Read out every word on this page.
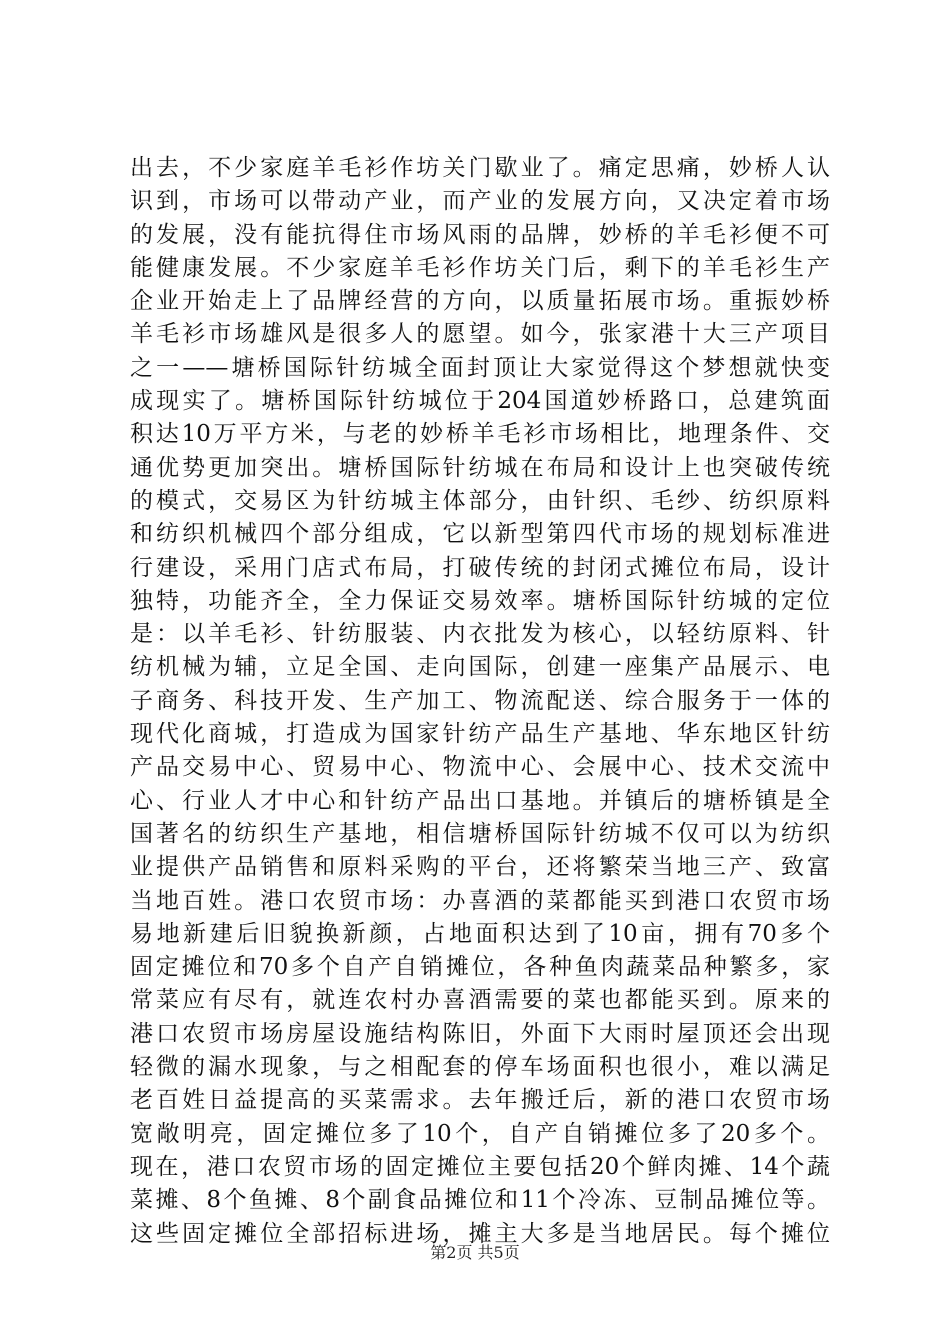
出去，不少家庭羊毛衫作坊关门歇业了。痛定思痛，妙桥人认
识到，市场可以带动产业，而产业的发展方向，又决定着市场
的发展，没有能抗得住市场风雨的品牌，妙桥的羊毛衫便不可
能健康发展。不少家庭羊毛衫作坊关门后，剩下的羊毛衫生产
企业开始走上了品牌经营的方向，以质量拓展市场。重振妙桥
羊毛衫市场雄风是很多人的愿望。如今，张家港十大三产项目
之一——塘桥国际针纺城全面封顶让大家觉得这个梦想就快变
成现实了。塘桥国际针纺城位于204国道妙桥路口，总建筑面
积达10万平方米，与老的妙桥羊毛衫市场相比，地理条件、交
通优势更加突出。塘桥国际针纺城在布局和设计上也突破传统
的模式，交易区为针纺城主体部分，由针织、毛纱、纺织原料
和纺织机械四个部分组成，它以新型第四代市场的规划标准进
行建设，采用门店式布局，打破传统的封闭式摊位布局，设计
独特，功能齐全，全力保证交易效率。塘桥国际针纺城的定位
是：以羊毛衫、针纺服装、内衣批发为核心，以轻纺原料、针
纺机械为辅，立足全国、走向国际，创建一座集产品展示、电
子商务、科技开发、生产加工、物流配送、综合服务于一体的
现代化商城，打造成为国家针纺产品生产基地、华东地区针纺
产品交易中心、贸易中心、物流中心、会展中心、技术交流中
心、行业人才中心和针纺产品出口基地。并镇后的塘桥镇是全
国著名的纺织生产基地，相信塘桥国际针纺城不仅可以为纺织
业提供产品销售和原料采购的平台，还将繁荣当地三产、致富
当地百姓。港口农贸市场：办喜酒的菜都能买到港口农贸市场
易地新建后旧貌换新颜，占地面积达到了10亩，拥有70多个
固定摊位和70多个自产自销摊位，各种鱼肉蔬菜品种繁多，家
常菜应有尽有，就连农村办喜酒需要的菜也都能买到。原来的
港口农贸市场房屋设施结构陈旧，外面下大雨时屋顶还会出现
轻微的漏水现象，与之相配套的停车场面积也很小，难以满足
老百姓日益提高的买菜需求。去年搬迁后，新的港口农贸市场
宽敞明亮，固定摊位多了10个，自产自销摊位多了20多个。
现在，港口农贸市场的固定摊位主要包括20个鲜肉摊、14个蔬
菜摊、8个鱼摊、8个副食品摊位和11个冷冻、豆制品摊位等。
这些固定摊位全部招标进场，摊主大多是当地居民。每个摊位

第2页 共5页
